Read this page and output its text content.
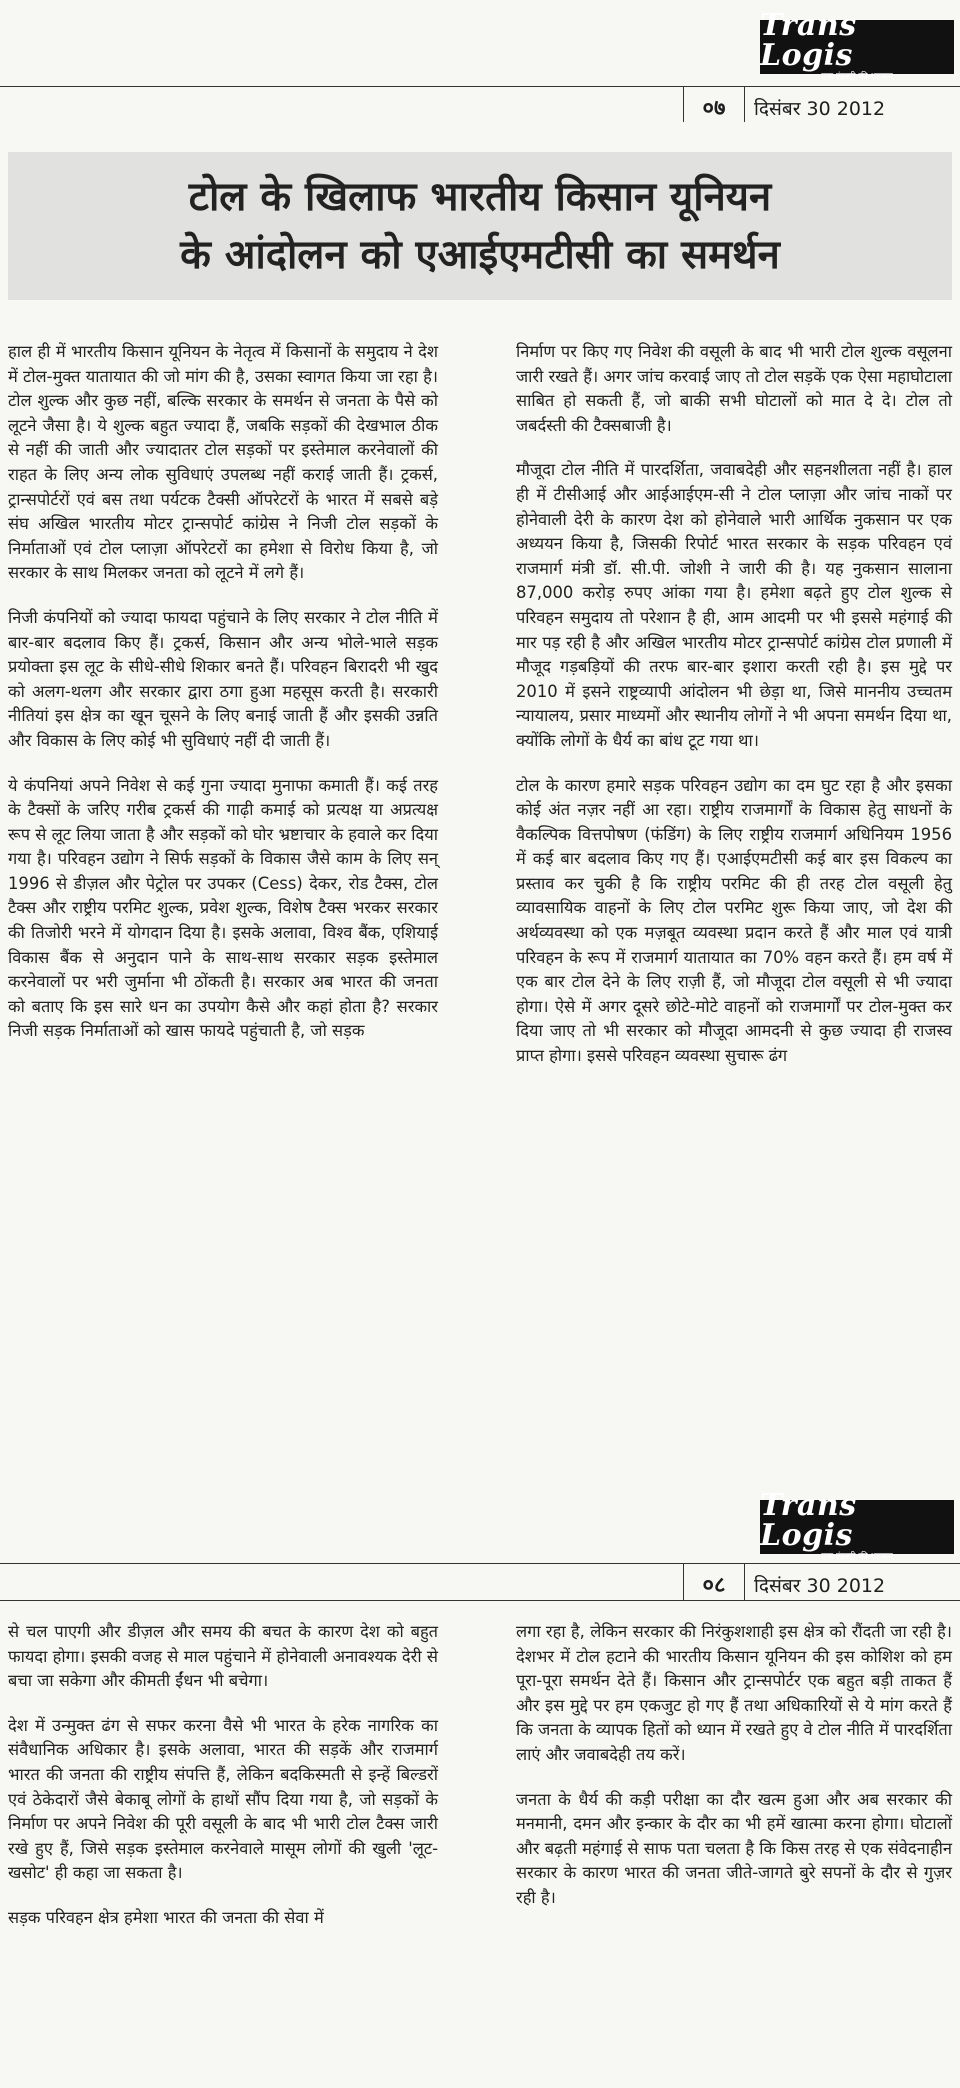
Trans Logis
एक इंडस्ट्री की धड़कन
०७	दिसंबर 30 2012
टोल के खिलाफ भारतीय किसान यूनियन
के आंदोलन को एआईएमटीसी का समर्थन

हाल ही में भारतीय किसान यूनियन के नेतृत्व में किसानों के समुदाय ने देश में टोल-मुक्त यातायात की जो मांग की है, उसका स्वागत किया जा रहा है। टोल शुल्क और कुछ नहीं, बल्कि सरकार के समर्थन से जनता के पैसे को लूटने जैसा है। ये शुल्क बहुत ज्यादा हैं, जबकि सड़कों की देखभाल ठीक से नहीं की जाती और ज्यादातर टोल सड़कों पर इस्तेमाल करनेवालों की राहत के लिए अन्य लोक सुविधाएं उपलब्ध नहीं कराई जाती हैं। ट्रकर्स, ट्रान्सपोर्टरों एवं बस तथा पर्यटक टैक्सी ऑपरेटरों के भारत में सबसे बड़े संघ अखिल भारतीय मोटर ट्रान्सपोर्ट कांग्रेस ने निजी टोल सड़कों के निर्माताओं एवं टोल प्लाज़ा ऑपरेटरों का हमेशा से विरोध किया है, जो सरकार के साथ मिलकर जनता को लूटने में लगे हैं।

निजी कंपनियों को ज्यादा फायदा पहुंचाने के लिए सरकार ने टोल नीति में बार-बार बदलाव किए हैं। ट्रकर्स, किसान और अन्य भोले-भाले सड़क प्रयोक्ता इस लूट के सीधे-सीधे शिकार बनते हैं। परिवहन बिरादरी भी खुद को अलग-थलग और सरकार द्वारा ठगा हुआ महसूस करती है। सरकारी नीतियां इस क्षेत्र का खून चूसने के लिए बनाई जाती हैं और इसकी उन्नति और विकास के लिए कोई भी सुविधाएं नहीं दी जाती हैं।

ये कंपनियां अपने निवेश से कई गुना ज्यादा मुनाफा कमाती हैं। कई तरह के टैक्सों के जरिए गरीब ट्रकर्स की गाढ़ी कमाई को प्रत्यक्ष या अप्रत्यक्ष रूप से लूट लिया जाता है और सड़कों को घोर भ्रष्टाचार के हवाले कर दिया गया है। परिवहन उद्योग ने सिर्फ सड़कों के विकास जैसे काम के लिए सन् 1996 से डीज़ल और पेट्रोल पर उपकर (Cess) देकर, रोड टैक्स, टोल टैक्स और राष्ट्रीय परमिट शुल्क, प्रवेश शुल्क, विशेष टैक्स भरकर सरकार की तिजोरी भरने में योगदान दिया है। इसके अलावा, विश्व बैंक, एशियाई विकास बैंक से अनुदान पाने के साथ-साथ सरकार सड़क इस्तेमाल करनेवालों पर भरी जुर्माना भी ठोंकती है। सरकार अब भारत की जनता को बताए कि इस सारे धन का उपयोग कैसे और कहां होता है? सरकार निजी सड़क निर्माताओं को खास फायदे पहुंचाती है, जो सड़क

निर्माण पर किए गए निवेश की वसूली के बाद भी भारी टोल शुल्क वसूलना जारी रखते हैं। अगर जांच करवाई जाए तो टोल सड़कें एक ऐसा महाघोटाला साबित हो सकती हैं, जो बाकी सभी घोटालों को मात दे दे। टोल तो जबर्दस्ती की टैक्सबाजी है।

मौजूदा टोल नीति में पारदर्शिता, जवाबदेही और सहनशीलता नहीं है। हाल ही में टीसीआई और आईआईएम-सी ने टोल प्लाज़ा और जांच नाकों पर होनेवाली देरी के कारण देश को होनेवाले भारी आर्थिक नुकसान पर एक अध्ययन किया है, जिसकी रिपोर्ट भारत सरकार के सड़क परिवहन एवं राजमार्ग मंत्री डॉ. सी.पी. जोशी ने जारी की है। यह नुकसान सालाना 87,000 करोड़ रुपए आंका गया है। हमेशा बढ़ते हुए टोल शुल्क से परिवहन समुदाय तो परेशान है ही, आम आदमी पर भी इससे महंगाई की मार पड़ रही है और अखिल भारतीय मोटर ट्रान्सपोर्ट कांग्रेस टोल प्रणाली में मौजूद गड़बड़ियों की तरफ बार-बार इशारा करती रही है। इस मुद्दे पर 2010 में इसने राष्ट्रव्यापी आंदोलन भी छेड़ा था, जिसे माननीय उच्चतम न्यायालय, प्रसार माध्यमों और स्थानीय लोगों ने भी अपना समर्थन दिया था, क्योंकि लोगों के धैर्य का बांध टूट गया था।

टोल के कारण हमारे सड़क परिवहन उद्योग का दम घुट रहा है और इसका कोई अंत नज़र नहीं आ रहा। राष्ट्रीय राजमार्गों के विकास हेतु साधनों के वैकल्पिक वित्तपोषण (फंडिंग) के लिए राष्ट्रीय राजमार्ग अधिनियम 1956 में कई बार बदलाव किए गए हैं। एआईएमटीसी कई बार इस विकल्प का प्रस्ताव कर चुकी है कि राष्ट्रीय परमिट की ही तरह टोल वसूली हेतु व्यावसायिक वाहनों के लिए टोल परमिट शुरू किया जाए, जो देश की अर्थव्यवस्था को एक मज़बूत व्यवस्था प्रदान करते हैं और माल एवं यात्री परिवहन के रूप में राजमार्ग यातायात का 70% वहन करते हैं। हम वर्ष में एक बार टोल देने के लिए राज़ी हैं, जो मौजूदा टोल वसूली से भी ज्यादा होगा। ऐसे में अगर दूसरे छोटे-मोटे वाहनों को राजमार्गों पर टोल-मुक्त कर दिया जाए तो भी सरकार को मौजूदा आमदनी से कुछ ज्यादा ही राजस्व प्राप्त होगा। इससे परिवहन व्यवस्था सुचारू ढंग

Trans Logis
एक इंडस्ट्री की धड़कन
०८	दिसंबर 30 2012

से चल पाएगी और डीज़ल और समय की बचत के कारण देश को बहुत फायदा होगा। इसकी वजह से माल पहुंचाने में होनेवाली अनावश्यक देरी से बचा जा सकेगा और कीमती ईंधन भी बचेगा।

देश में उन्मुक्त ढंग से सफर करना वैसे भी भारत के हरेक नागरिक का संवैधानिक अधिकार है। इसके अलावा, भारत की सड़कें और राजमार्ग भारत की जनता की राष्ट्रीय संपत्ति हैं, लेकिन बदकिस्मती से इन्हें बिल्डरों एवं ठेकेदारों जैसे बेकाबू लोगों के हाथों सौंप दिया गया है, जो सड़कों के निर्माण पर अपने निवेश की पूरी वसूली के बाद भी भारी टोल टैक्स जारी रखे हुए हैं, जिसे सड़क इस्तेमाल करनेवाले मासूम लोगों की खुली 'लूट-खसोट' ही कहा जा सकता है।

सड़क परिवहन क्षेत्र हमेशा भारत की जनता की सेवा में

लगा रहा है, लेकिन सरकार की निरंकुशशाही इस क्षेत्र को रौंदती जा रही है। देशभर में टोल हटाने की भारतीय किसान यूनियन की इस कोशिश को हम पूरा-पूरा समर्थन देते हैं। किसान और ट्रान्सपोर्टर एक बहुत बड़ी ताकत हैं और इस मुद्दे पर हम एकजुट हो गए हैं तथा अधिकारियों से ये मांग करते हैं कि जनता के व्यापक हितों को ध्यान में रखते हुए वे टोल नीति में पारदर्शिता लाएं और जवाबदेही तय करें।

जनता के धैर्य की कड़ी परीक्षा का दौर खत्म हुआ और अब सरकार की मनमानी, दमन और इन्कार के दौर का भी हमें खात्मा करना होगा। घोटालों और बढ़ती महंगाई से साफ पता चलता है कि किस तरह से एक संवेदनाहीन सरकार के कारण भारत की जनता जीते-जागते बुरे सपनों के दौर से गुज़र रही है।
